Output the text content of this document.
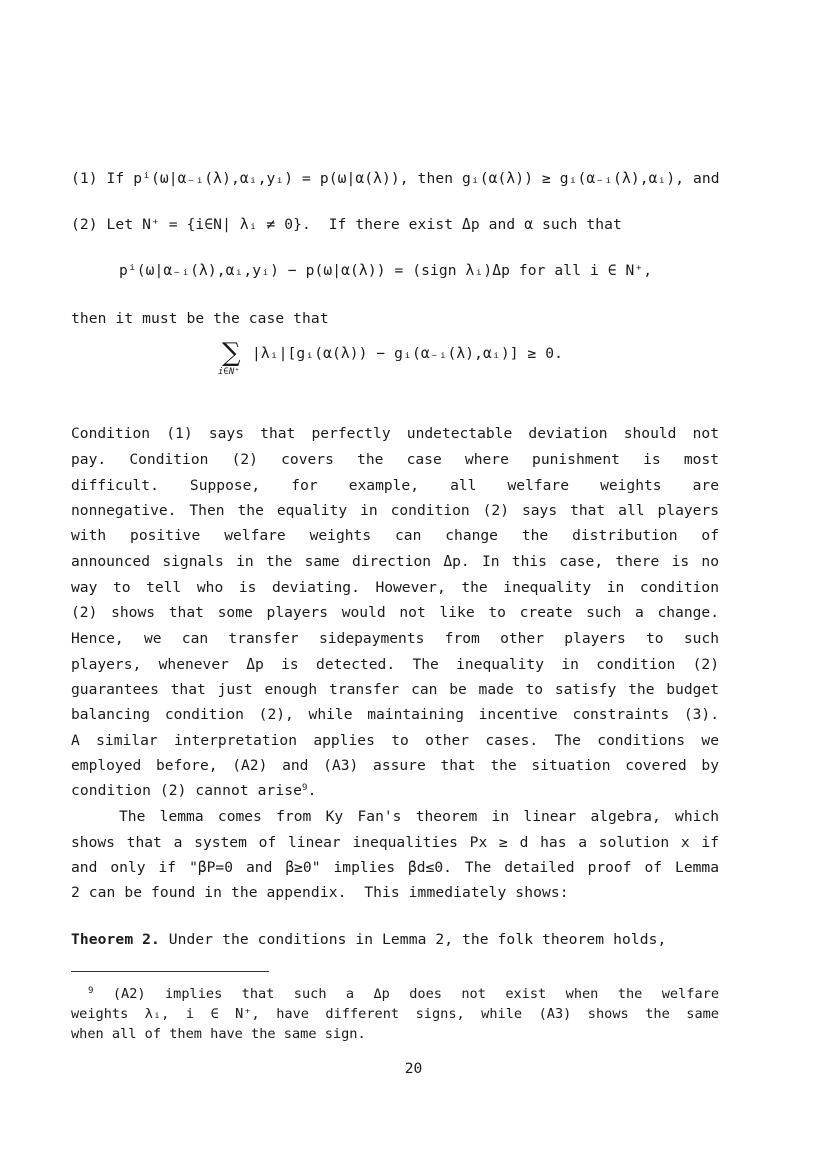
(1) If pⁱ(ω|α₋ᵢ(λ),αᵢ,yᵢ) = p(ω|α(λ)), then gᵢ(α(λ)) ≥ gᵢ(α₋ᵢ(λ),αᵢ), and
(2) Let N⁺ = {i∈N| λᵢ ≠ 0}.  If there exist Δp and α such that
pⁱ(ω|α₋ᵢ(λ),αᵢ,yᵢ) − p(ω|α(λ)) = (sign λᵢ)Δp for all i ∈ N⁺,
then it must be the case that
∑
i∈N⁺
|λᵢ|[gᵢ(α(λ)) − gᵢ(α₋ᵢ(λ),αᵢ)] ≥ 0.
Condition (1) says that perfectly undetectable deviation should not
pay. Condition (2) covers the case where punishment is most
difficult. Suppose, for example, all welfare weights are
nonnegative. Then the equality in condition (2) says that all players
with positive welfare weights can change the distribution of
announced signals in the same direction Δp. In this case, there is no
way to tell who is deviating. However, the inequality in condition
(2) shows that some players would not like to create such a change.
Hence, we can transfer sidepayments from other players to such
players, whenever Δp is detected. The inequality in condition (2)
guarantees that just enough transfer can be made to satisfy the budget
balancing condition (2), while maintaining incentive constraints (3).
A similar interpretation applies to other cases. The conditions we
employed before, (A2) and (A3) assure that the situation covered by
condition (2) cannot arise$^9$.
The lemma comes from Ky Fan's theorem in linear algebra, which
shows that a system of linear inequalities Px ≥ d has a solution x if
and only if "βP=0 and β≥0" implies βd≤0. The detailed proof of Lemma
2 can be found in the appendix.  This immediately shows:
Theorem 2. Under the conditions in Lemma 2, the folk theorem holds,
$^9$ (A2) implies that such a Δp does not exist when the welfare
weights λᵢ, i ∈ N⁺, have different signs, while (A3) shows the same
when all of them have the same sign.
20
